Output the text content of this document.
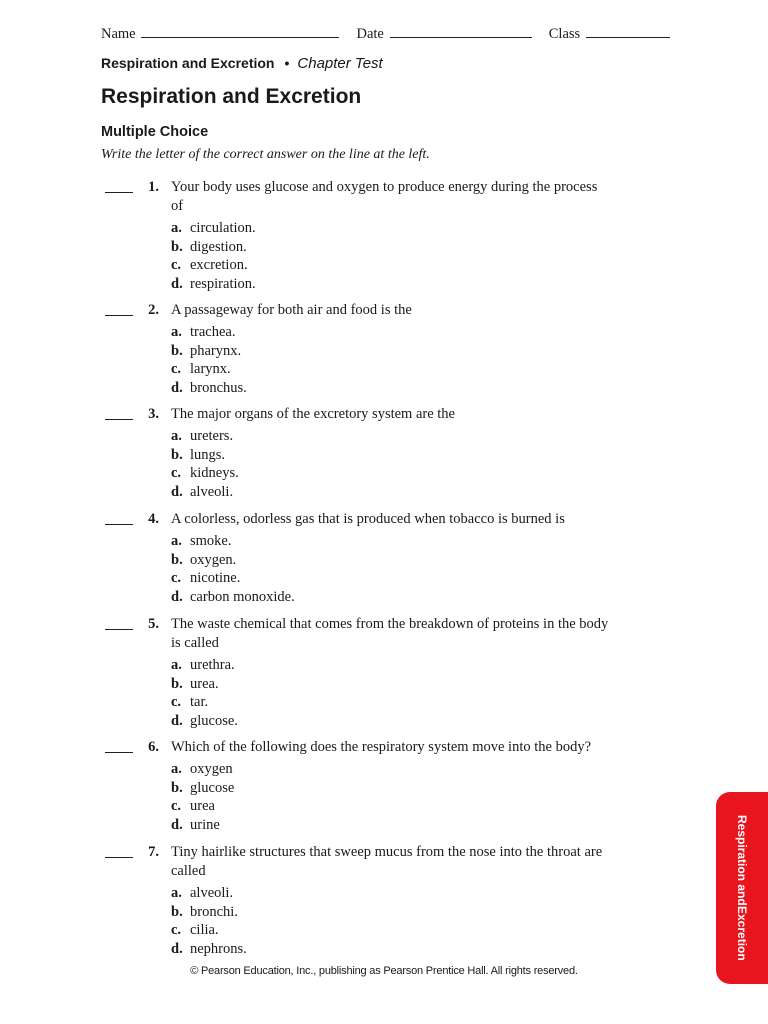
Name	Date	Class
Respiration and Excretion • Chapter Test
Respiration and Excretion
Multiple Choice
Write the letter of the correct answer on the line at the left.
1. Your body uses glucose and oxygen to produce energy during the process of
a. circulation.
b. digestion.
c. excretion.
d. respiration.
2. A passageway for both air and food is the
a. trachea.
b. pharynx.
c. larynx.
d. bronchus.
3. The major organs of the excretory system are the
a. ureters.
b. lungs.
c. kidneys.
d. alveoli.
4. A colorless, odorless gas that is produced when tobacco is burned is
a. smoke.
b. oxygen.
c. nicotine.
d. carbon monoxide.
5. The waste chemical that comes from the breakdown of proteins in the body is called
a. urethra.
b. urea.
c. tar.
d. glucose.
6. Which of the following does the respiratory system move into the body?
a. oxygen
b. glucose
c. urea
d. urine
7. Tiny hairlike structures that sweep mucus from the nose into the throat are called
a. alveoli.
b. bronchi.
c. cilia.
d. nephrons.
© Pearson Education, Inc., publishing as Pearson Prentice Hall. All rights reserved.
Respiration and
Excretion
